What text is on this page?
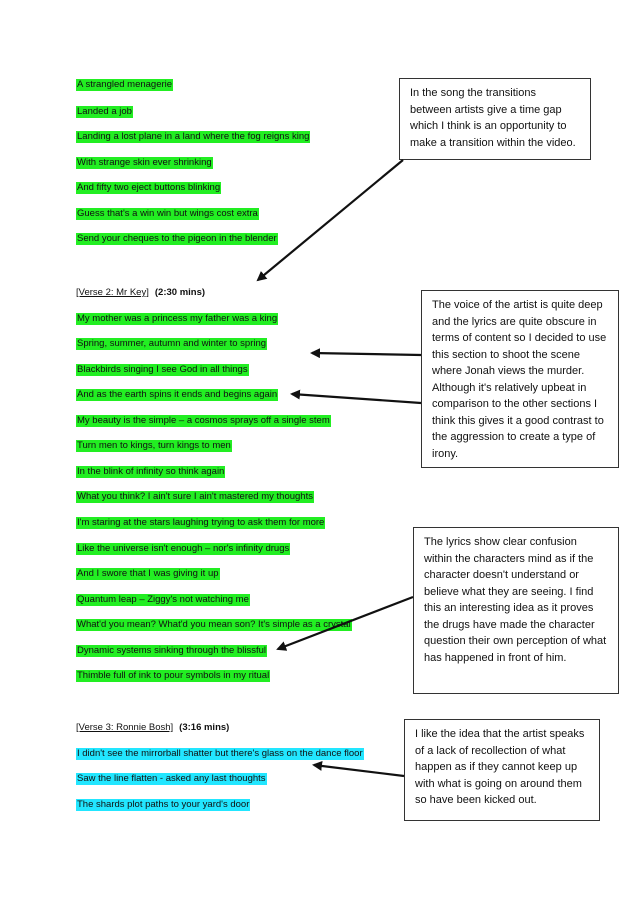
A strangled menagerie
Landed a job
Landing a lost plane in a land where the fog reigns king
With strange skin ever shrinking
And fifty two eject buttons blinking
Guess that's a win win but wings cost extra
Send your cheques to the pigeon in the blender
[Verse 2: Mr Key] (2:30 mins)
My mother was a princess my father was a king
Spring, summer, autumn and winter to spring
Blackbirds singing I see God in all things
And as the earth spins it ends and begins again
My beauty is the simple – a cosmos sprays off a single stem
Turn men to kings, turn kings to men
In the blink of infinity so think again
What you think? I ain't sure I ain't mastered my thoughts
I'm staring at the stars laughing trying to ask them for more
Like the universe isn't enough – nor's infinity drugs
And I swore that I was giving it up
Quantum leap – Ziggy's not watching me
What'd you mean? What'd you mean son? It's simple as a crystal
Dynamic systems sinking through the blissful
Thimble full of ink to pour symbols in my ritual
[Verse 3: Ronnie Bosh] (3:16 mins)
I didn't see the mirrorball shatter but there's glass on the dance floor
Saw the line flatten - asked any last thoughts
The shards plot paths to your yard's door
In the song the transitions between artists give a time gap which I think is an opportunity to make a transition within the video.
The voice of the artist is quite deep and the lyrics are quite obscure in terms of content so I decided to use this section to shoot the scene where Jonah views the murder. Although it's relatively upbeat in comparison to the other sections I think this gives it a good contrast to the aggression to create a type of irony.
The lyrics show clear confusion within the characters mind as if the character doesn't understand or believe what they are seeing. I find this an interesting idea as it proves the drugs have made the character question their own perception of what has happened in front of him.
I like the idea that the artist speaks of a lack of recollection of what happen as if they cannot keep up with what is going on around them so have been kicked out.
